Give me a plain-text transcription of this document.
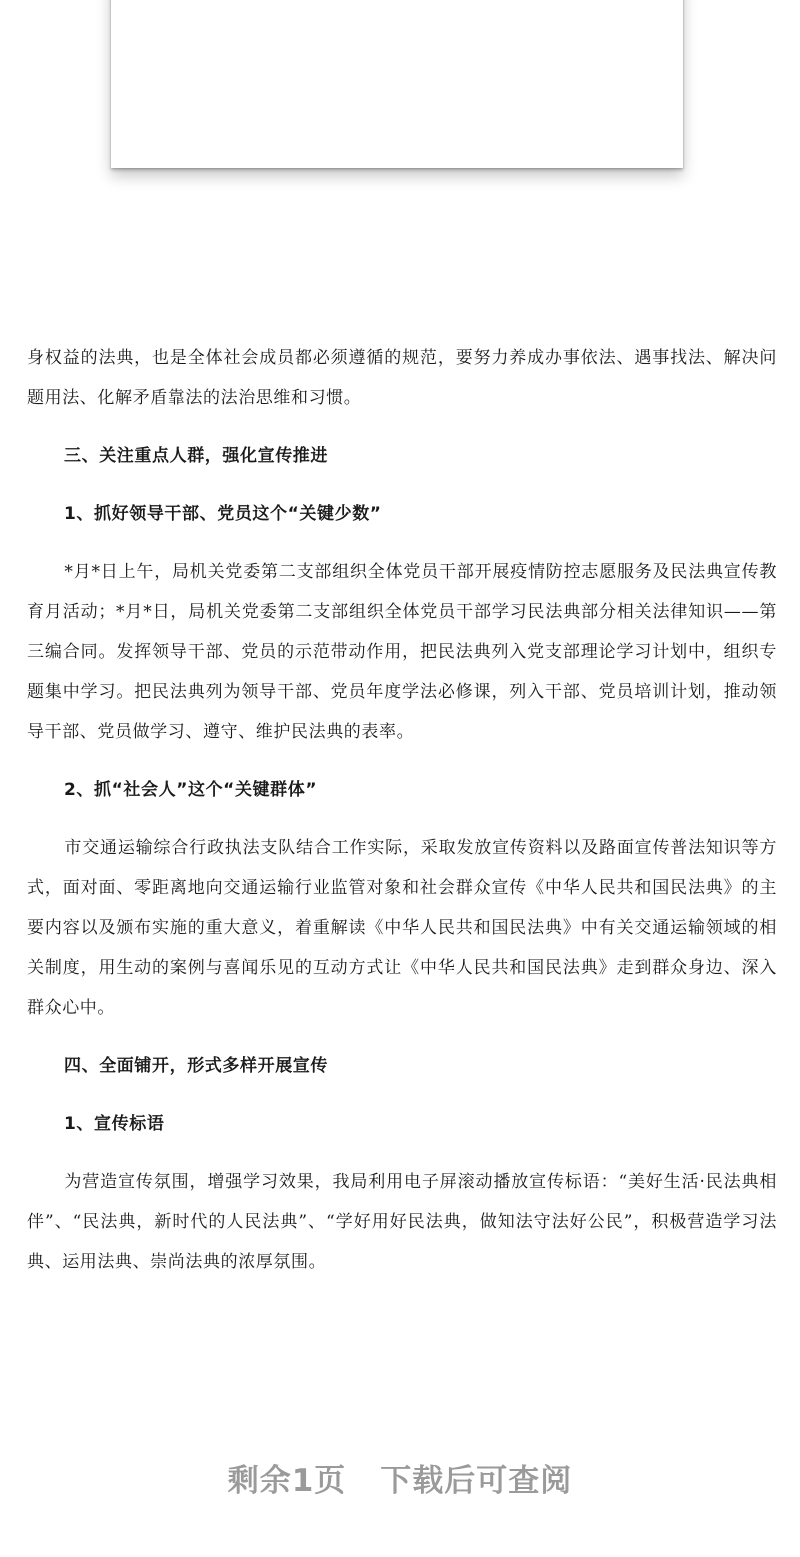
身权益的法典，也是全体社会成员都必须遵循的规范，要努力养成办事依法、遇事找法、解决问题用法、化解矛盾靠法的法治思维和习惯。

三、关注重点人群，强化宣传推进

1、抓好领导干部、党员这个“关键少数”

*月*日上午，局机关党委第二支部组织全体党员干部开展疫情防控志愿服务及民法典宣传教育月活动；*月*日，局机关党委第二支部组织全体党员干部学习民法典部分相关法律知识——第三编合同。发挥领导干部、党员的示范带动作用，把民法典列入党支部理论学习计划中，组织专题集中学习。把民法典列为领导干部、党员年度学法必修课，列入干部、党员培训计划，推动领导干部、党员做学习、遵守、维护民法典的表率。

2、抓“社会人”这个“关键群体”

市交通运输综合行政执法支队结合工作实际，采取发放宣传资料以及路面宣传普法知识等方式，面对面、零距离地向交通运输行业监管对象和社会群众宣传《中华人民共和国民法典》的主要内容以及颁布实施的重大意义，着重解读《中华人民共和国民法典》中有关交通运输领域的相关制度，用生动的案例与喜闻乐见的互动方式让《中华人民共和国民法典》走到群众身边、深入群众心中。

四、全面铺开，形式多样开展宣传

1、宣传标语

为营造宣传氛围，增强学习效果，我局利用电子屏滚动播放宣传标语：“美好生活·民法典相伴”、“民法典，新时代的人民法典”、“学好用好民法典，做知法守法好公民”，积极营造学习法典、运用法典、崇尚法典的浓厚氛围。

剩余1页 下载后可查阅
